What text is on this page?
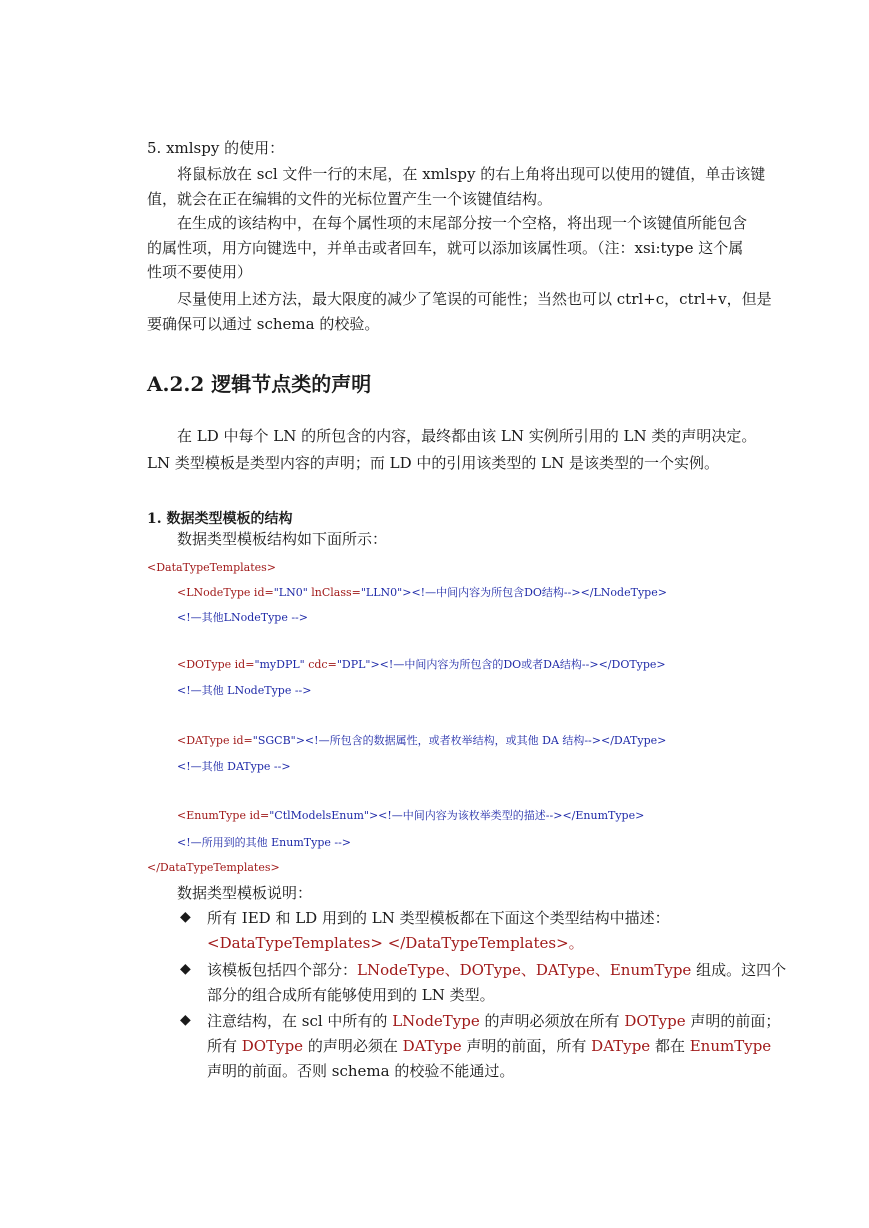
5. xmlspy 的使用：
将鼠标放在 scl 文件一行的末尾，在 xmlspy 的右上角将出现可以使用的键值，单击该键
值，就会在正在编辑的文件的光标位置产生一个该键值结构。
在生成的该结构中，在每个属性项的末尾部分按一个空格，将出现一个该键值所能包含
的属性项，用方向键选中，并单击或者回车，就可以添加该属性项。（注：xsi:type 这个属
性项不要使用）
尽量使用上述方法，最大限度的减少了笔误的可能性；当然也可以 ctrl+c，ctrl+v，但是
要确保可以通过 schema 的校验。
A.2.2 逻辑节点类的声明
在 LD 中每个 LN 的所包含的内容，最终都由该 LN 实例所引用的 LN 类的声明决定。
LN 类型模板是类型内容的声明；而 LD 中的引用该类型的 LN 是该类型的一个实例。
1. 数据类型模板的结构
数据类型模板结构如下面所示：
<DataTypeTemplates>
<LNodeType id="LN0" lnClass="LLN0"><!—中间内容为所包含DO结构--></LNodeType>
<!—其他LNodeType -->
<DOType id="myDPL" cdc="DPL"><!—中间内容为所包含的DO或者DA结构--></DOType>
<!—其他 LNodeType -->
<DAType id="SGCB"><!—所包含的数据属性，或者枚举结构，或其他 DA 结构--></DAType>
<!—其他 DAType -->
<EnumType id="CtlModelsEnum"><!—中间内容为该枚举类型的描述--></EnumType>
<!—所用到的其他 EnumType -->
</DataTypeTemplates>
数据类型模板说明：
◆ 所有 IED 和 LD 用到的 LN 类型模板都在下面这个类型结构中描述：
<DataTypeTemplates> </DataTypeTemplates>。
◆ 该模板包括四个部分：LNodeType、DOType、DAType、EnumType 组成。这四个
部分的组合成所有能够使用到的 LN 类型。
◆ 注意结构，在 scl 中所有的 LNodeType 的声明必须放在所有 DOType 声明的前面；
所有 DOType 的声明必须在 DAType 声明的前面，所有 DAType 都在 EnumType
声明的前面。否则 schema 的校验不能通过。
